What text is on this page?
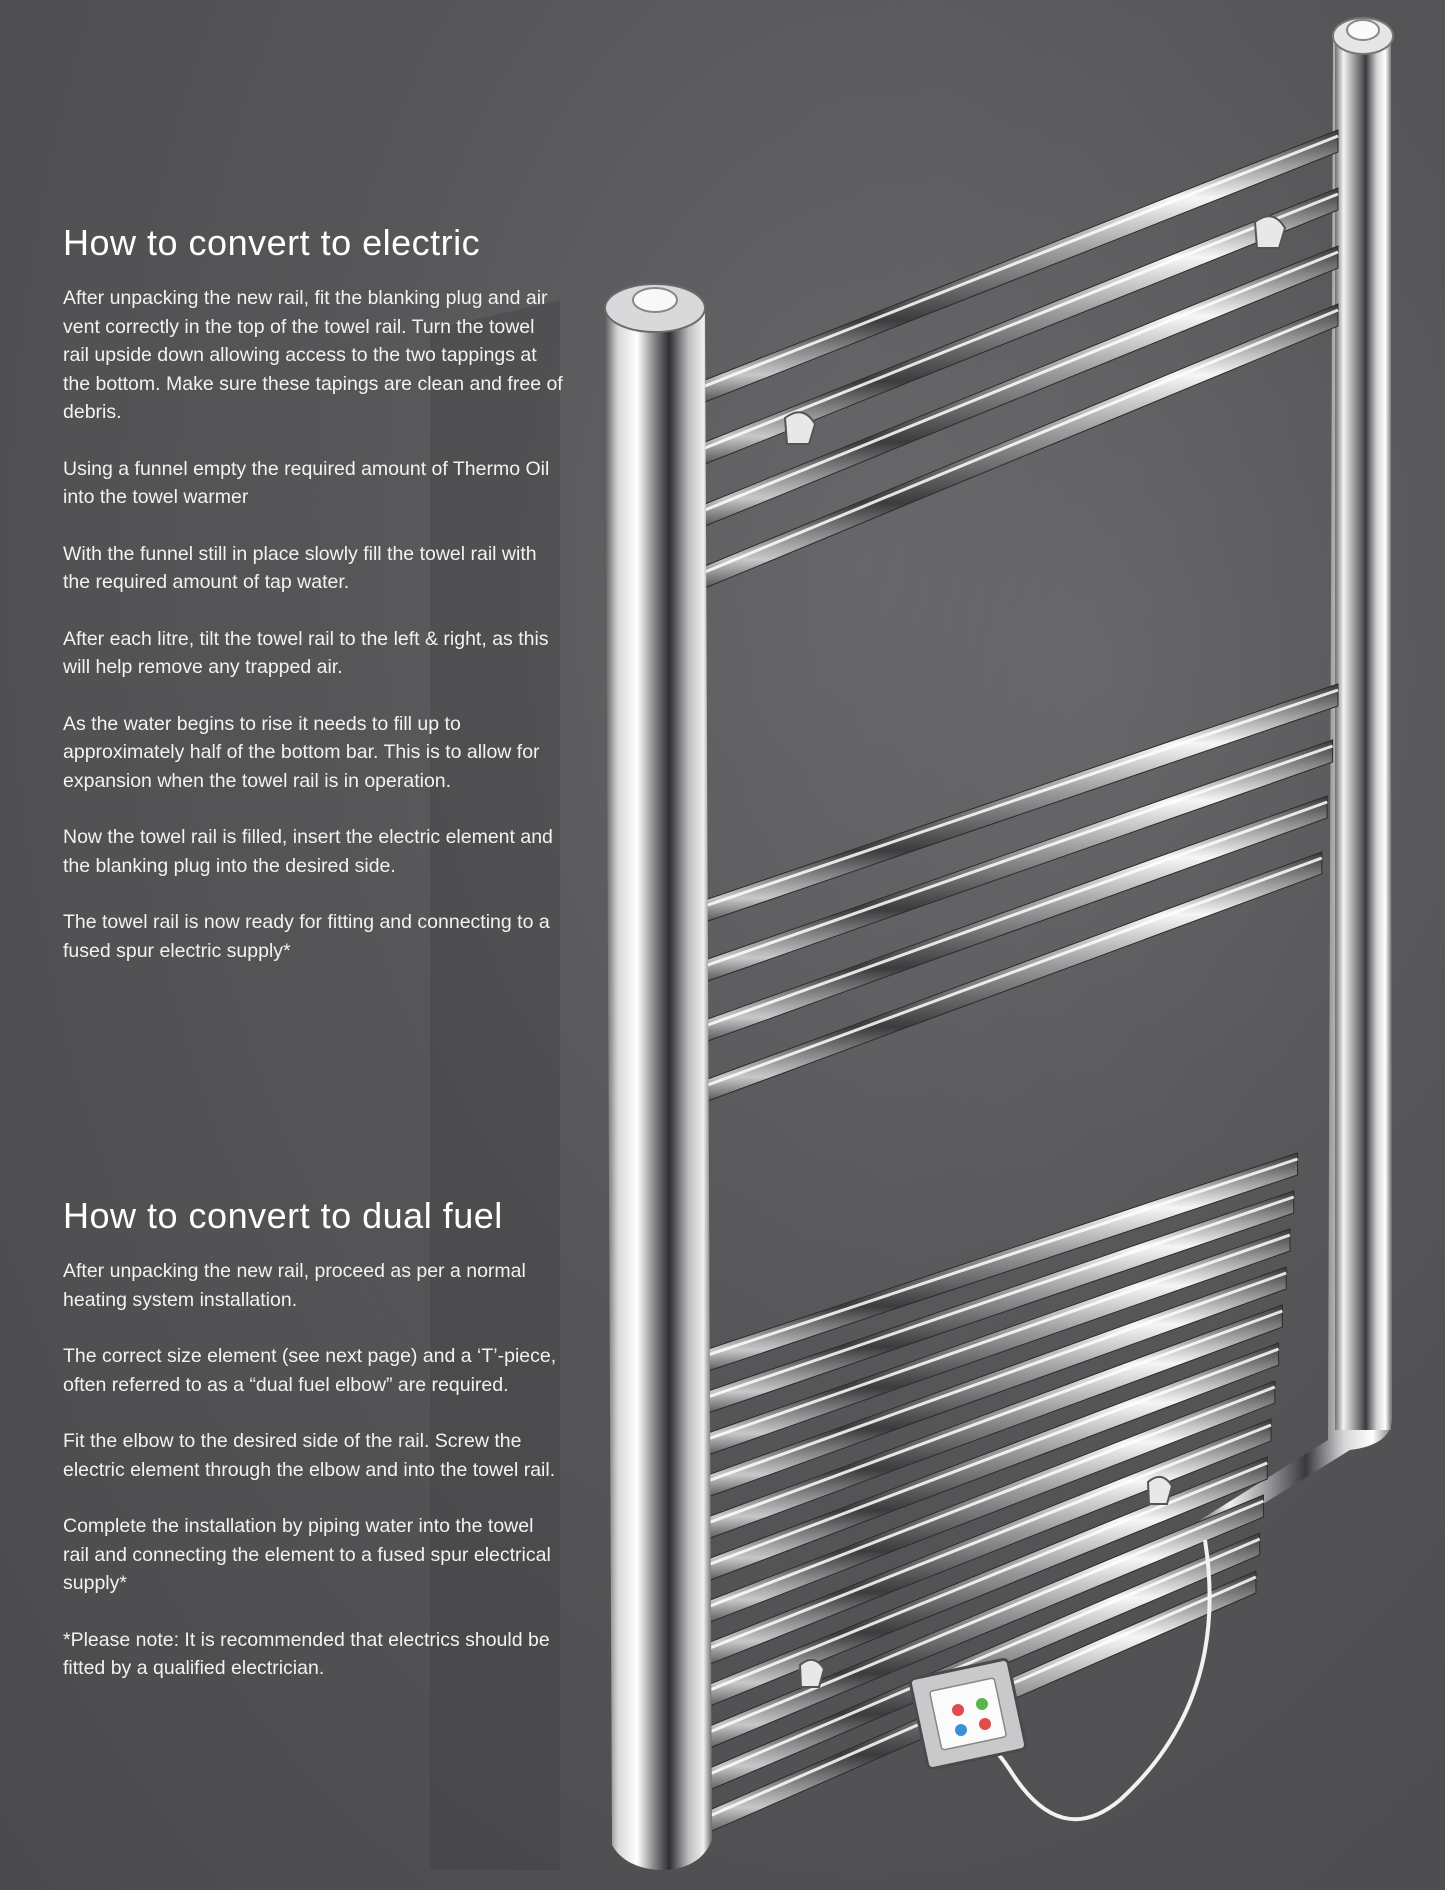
How to convert to electric

After unpacking the new rail, fit the blanking plug and air vent correctly in the top of the towel rail. Turn the towel rail upside down allowing access to the two tappings at the bottom. Make sure these tapings are clean and free of debris.

Using a funnel empty the required amount of Thermo Oil into the towel warmer

With the funnel still in place slowly fill the towel rail with the required amount of tap water.

After each litre, tilt the towel rail to the left & right, as this will help remove any trapped air.

As the water begins to rise it needs to fill up to approximately half of the bottom bar. This is to allow for expansion when the towel rail is in operation.

Now the towel rail is filled, insert the electric element and the blanking plug into the desired side.

The towel rail is now ready for fitting and connecting to a fused spur electric supply*

How to convert to dual fuel

After unpacking the new rail, proceed as per a normal heating system installation.

The correct size element (see next page) and a ‘T’-piece, often referred to as a “dual fuel elbow” are required.

Fit the elbow to the desired side of the rail. Screw the electric element through the elbow and into the towel rail.

Complete the installation by piping water into the towel rail and connecting the element to a fused spur electrical supply*

*Please note: It is recommended that electrics should be fitted by a qualified electrician.
